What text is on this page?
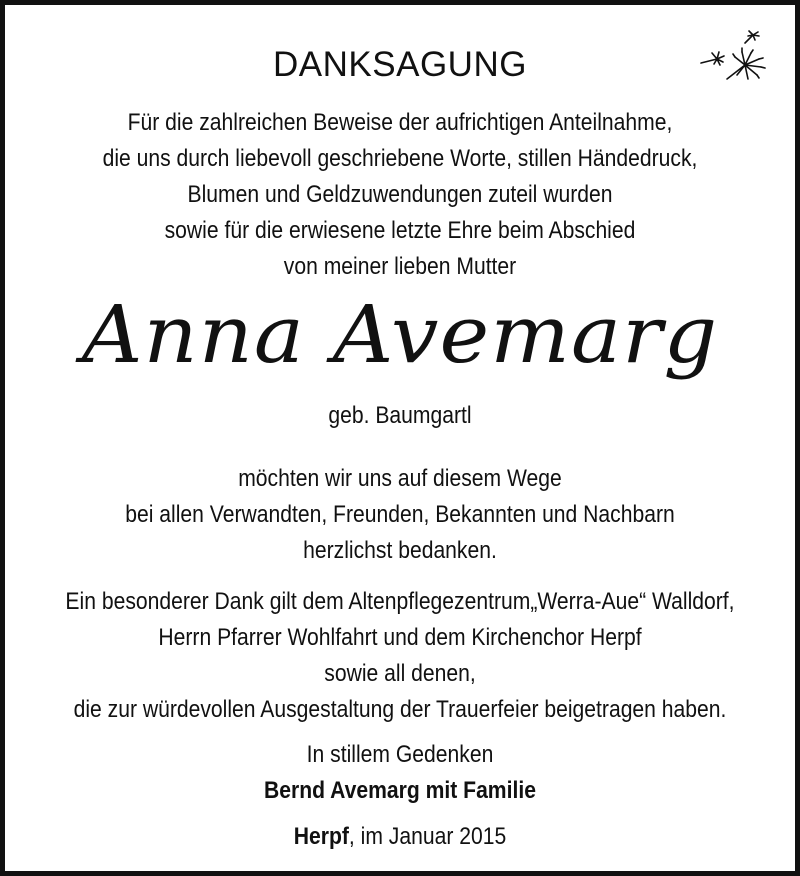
DANKSAGUNG
Für die zahlreichen Beweise der aufrichtigen Anteilnahme,
die uns durch liebevoll geschriebene Worte, stillen Händedruck,
Blumen und Geldzuwendungen zuteil wurden
sowie für die erwiesene letzte Ehre beim Abschied
von meiner lieben Mutter
Anna Avemarg
geb. Baumgartl
möchten wir uns auf diesem Wege
bei allen Verwandten, Freunden, Bekannten und Nachbarn
herzlichst bedanken.
Ein besonderer Dank gilt dem Altenpflegezentrum„Werra-Aue“ Walldorf,
Herrn Pfarrer Wohlfahrt und dem Kirchenchor Herpf
sowie all denen,
die zur würdevollen Ausgestaltung der Trauerfeier beigetragen haben.
In stillem Gedenken
Bernd Avemarg mit Familie
Herpf, im Januar 2015
